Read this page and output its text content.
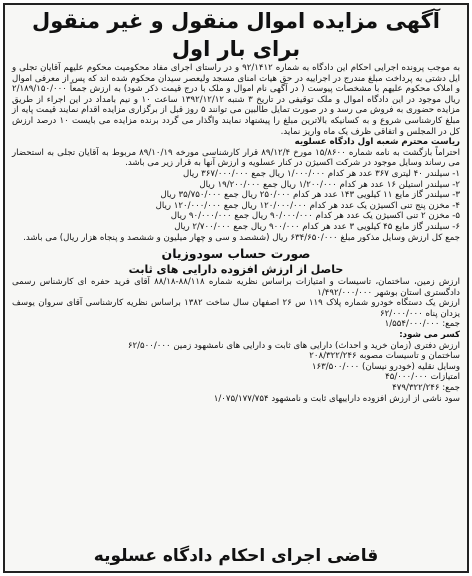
آگهی مزایده اموال منقول و غیر منقول برای بار اول

به موجب پرونده اجرایی احکام این دادگاه به شماره ۹۲/۱۴۱۲ و در راستای اجرای مفاد محکومیت محکوم علیهم آقایان تجلی و ایل دشتی به پرداخت مبلغ مندرج در اجراییه در حق هیات امنای مسجد ولیعصر سیدان محکوم شده اند که پس از معرفی اموال و املاک محکوم علیهم با مشخصات پیوست ( در آگهی نام اموال و ملک با درج قیمت ذکر شود) به ارزش جمعاً ۲/۱۸۹/۱۵۰/۰۰۰ ریال موجود در این دادگاه اموال و ملک توقیفی در تاریخ ۳ شنبه ۱۳۹۲/۱۲/۱۲ ساعت ۱۰ و نیم بامداد در این اجراء از طریق مزایده حضوری به فروش می رسد و در صورت تمایل طالبین می توانند ۵ روز قبل از برگزاری مزایده اقدام نمایند قیمت پایه از مبلغ کارشناسی شروع و به کسانیکه بالاترین مبلغ را پیشنهاد نمایند واگذار می گردد برنده مزایده می بایست ۱۰ درصد ارزش کل در المجلس و اتفاقی ظرف یک ماه واریز نماید.

ریاست محترم شعبه اول دادگاه عسلویه

احتراماً بازگشت به نامه شماره ۱۵/۸۶۰۰ مورخ ۸۹/۱۲/۴ قرار کارشناسی مورخه ۸۹/۱۰/۱۹ مربوط به آقایان تجلی به استحضار می رساند وسایل موجود در شرکت اکسیژن در کنار عسلویه و ارزش آنها به قرار زیر می باشد.

۱- سیلندر ۴۰ لیتری ۳۶۷ عدد هر کدام ۱/۰۰۰/۰۰۰ ریال جمع ۳۶۷/۰۰۰/۰۰۰ ریال
۲- سیلندر استیلن ۱۶ عدد هر کدام ۱/۲۰۰/۰۰۰ ریال جمع ۱۹/۲۰۰/۰۰۰ ریال
۳- سیلندر گاز مایع ۱۱ کیلویی ۱۴۳ عدد هر کدام ۲۵۰/۰۰۰ ریال جمع ۳۵/۷۵۰/۰۰۰ ریال
۴- مخزن پنج تنی اکسیژن یک عدد هر کدام ۱۲۰/۰۰۰/۰۰۰ ریال جمع ۱۲۰/۰۰۰/۰۰۰ ریال
۵- مخزن ۲ تنی اکسیژن یک عدد هر کدام ۹۰/۰۰۰/۰۰۰ ریال جمع ۹۰/۰۰۰/۰۰۰ ریال
۶- سیلندر گاز مایع ۴۵ کیلویی ۳ عدد هر کدام ۹۰۰/۰۰۰ ریال جمع ۲/۷۰۰/۰۰۰ ریال

جمع کل ارزش وسایل مذکور مبلغ ۶۳۴/۶۵۰/۰۰۰ ریال (ششصد و سی و چهار میلیون و ششصد و پنجاه هزار ریال) می باشد.

صورت حساب سودوزیان
حاصل از ارزش افزوده دارایی های ثابت

ارزش زمین، ساختمان، تاسیسات و امتیازات براساس نظریه شماره ۸۸/۱۱۸-۸۸/۱۸ آقای فرید حفره ای کارشناس رسمی دادگستری استان بوشهر ۱/۴۹۲/۰۰۰/۰۰۰

ارزش یک دستگاه خودرو شماره پلاک ۱۱۹ س ۲۶ اصفهان سال ساخت ۱۳۸۲ براساس نظریه کارشناسی آقای سروان یوسف یزدان پناه ۶۲/۰۰۰/۰۰۰

جمع: ۱/۵۵۴/۰۰۰/۰۰۰

کسر می شود:

ارزش دفتری (زمان خرید و احداث) دارایی های ثابت و دارایی های نامشهود زمین ۶۲/۵۰۰/۰۰۰

ساختمان و تاسیسات مصوبه ۲۰۸/۳۲۲/۲۴۶

وسایل نقلیه (خودرو نیسان) ۱۶۳/۵۰۰/۰۰۰

امتیازات ۴۵/۰۰۰/۰۰۰

جمع: ۴۷۹/۳۲۲/۲۴۶

سود ناشی از ارزش افزوده داراییهای ثابت و نامشهود ۱/۰۷۵/۱۷۷/۷۵۴

قاضی اجرای احکام دادگاه عسلویه
